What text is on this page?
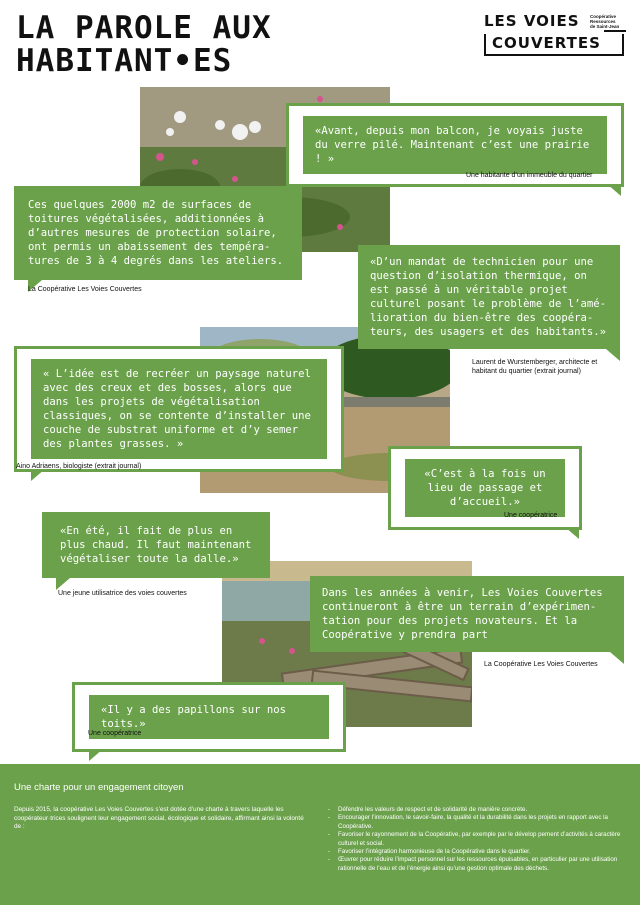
LA PAROLE AUX
HABITANT•ES
LES VOIES Coopérative
Ressources
de Saint-Jean
COUVERTES
«Avant, depuis mon balcon, je voyais juste du verre pilé. Maintenant c’est une prairie ! »
Une habitante d’un immeuble du quartier
Ces quelques 2000 m2 de surfaces de toitures végétalisées, additionnées à d’autres mesures de protection solaire, ont permis un abaissement des tempéra-tures de 3 à 4 degrés dans les ateliers.
La Coopérative Les Voies Couvertes
«D’un mandat de technicien pour une question d’isolation thermique, on est passé à un véritable projet culturel posant le problème de l’amé-lioration du bien-être des coopéra-teurs, des usagers et des habitants.»
Laurent de Wurstemberger, architecte et habitant du quartier (extrait journal)
« L’idée est de recréer un paysage naturel avec des creux et des bosses, alors que dans les projets de végétalisation classiques, on se contente d’installer une couche de substrat uniforme et d’y semer des plantes grasses. »
Aino Adriaens, biologiste (extrait journal)
«C’est à la fois un lieu de passage et d’accueil.»
Une coopératrice
«En été, il fait de plus en plus chaud. Il faut maintenant végétaliser toute la dalle.»
Une jeune utilisatrice des voies couvertes	Dans les années à venir, Les Voies Couvertes continueront à être un terrain d’expérimen-tation pour des projets novateurs. Et la Coopérative y prendra part
La Coopérative Les Voies Couvertes
«Il y a des papillons sur nos toits.»
Une coopératrice
Une charte pour un engagement citoyen

Depuis 2015, la coopérative Les Voies Couvertes s’est dotée d’une charte à travers laquelle les coopérateur·trices soulignent leur engagement social, écologique et solidaire, affirmant ainsi la volonté de :

- Défendre les valeurs de respect et de solidarité de manière concrète.
- Encourager l’innovation, le savoir-faire, la qualité et la durabilité dans les projets en rapport avec la Coopérative.
- Favoriser le rayonnement de la Coopérative, par exemple par le dévelop pement d’activités à caractère culturel et social.
- Favoriser l’intégration harmonieuse de la Coopérative dans le quartier.
- Œuvrer pour réduire l’impact personnel sur les ressources épuisables, en particulier par une utilisation rationnelle de l’eau et de l’énergie ainsi qu’une gestion optimale des déchets.
